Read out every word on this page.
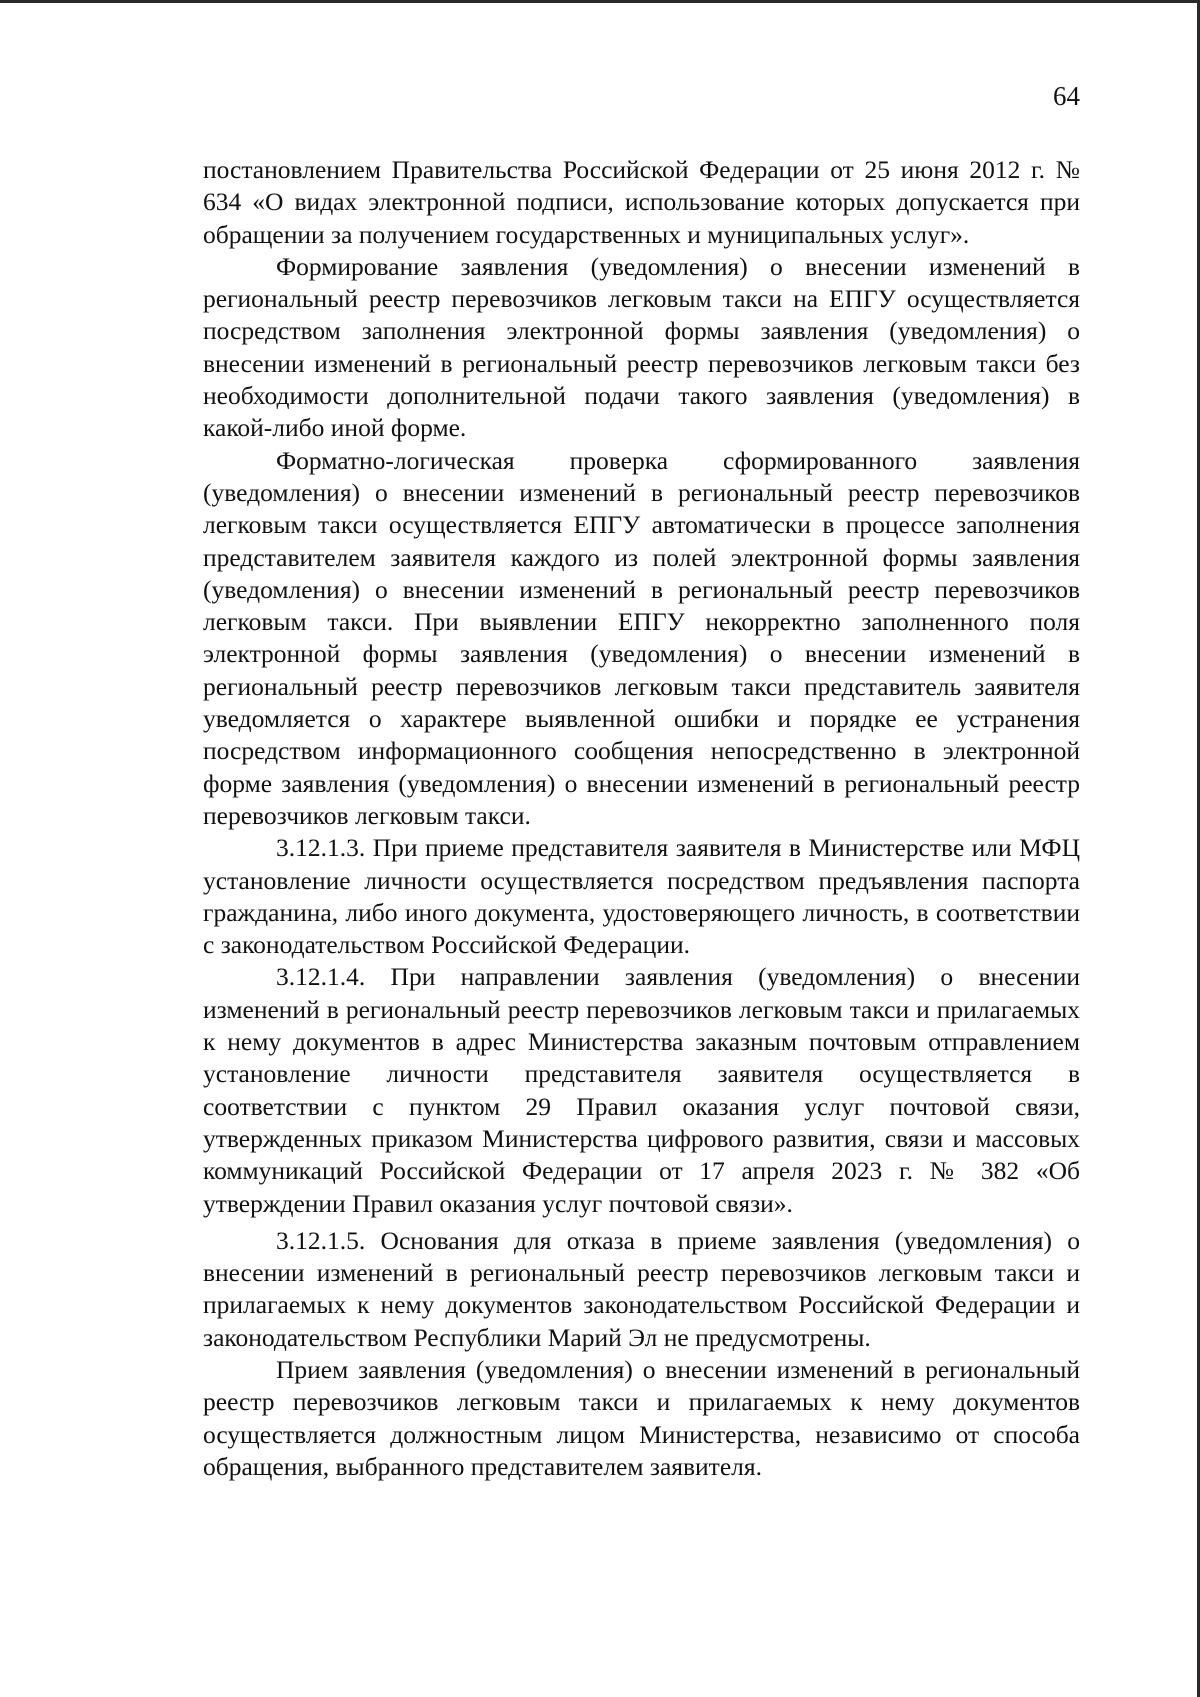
64

постановлением Правительства Российской Федерации от 25 июня 2012 г. № 634 «О видах электронной подписи, использование которых допускается при обращении за получением государственных и муниципальных услуг».

Формирование заявления (уведомления) о внесении изменений в региональный реестр перевозчиков легковым такси на ЕПГУ осуществляется посредством заполнения электронной формы заявления (уведомления) о внесении изменений в региональный реестр перевозчиков легковым такси без необходимости дополнительной подачи такого заявления (уведомления) в какой-либо иной форме.

Форматно-логическая проверка сформированного заявления (уведомления) о внесении изменений в региональный реестр перевозчиков легковым такси осуществляется ЕПГУ автоматически в процессе заполнения представителем заявителя каждого из полей электронной формы заявления (уведомления) о внесении изменений в региональный реестр перевозчиков легковым такси. При выявлении ЕПГУ некорректно заполненного поля электронной формы заявления (уведомления) о внесении изменений в региональный реестр перевозчиков легковым такси представитель заявителя уведомляется о характере выявленной ошибки и порядке ее устранения посредством информационного сообщения непосредственно в электронной форме заявления (уведомления) о внесении изменений в региональный реестр перевозчиков легковым такси.

3.12.1.3. При приеме представителя заявителя в Министерстве или МФЦ установление личности осуществляется посредством предъявления паспорта гражданина, либо иного документа, удостоверяющего личность, в соответствии с законодательством Российской Федерации.

3.12.1.4. При направлении заявления (уведомления) о внесении изменений в региональный реестр перевозчиков легковым такси и прилагаемых к нему документов в адрес Министерства заказным почтовым отправлением установление личности представителя заявителя осуществляется в соответствии с пунктом 29 Правил оказания услуг почтовой связи, утвержденных приказом Министерства цифрового развития, связи и массовых коммуникаций Российской Федерации от 17 апреля 2023 г. № 382 «Об утверждении Правил оказания услуг почтовой связи».

3.12.1.5. Основания для отказа в приеме заявления (уведомления) о внесении изменений в региональный реестр перевозчиков легковым такси и прилагаемых к нему документов законодательством Российской Федерации и законодательством Республики Марий Эл не предусмотрены.

Прием заявления (уведомления) о внесении изменений в региональный реестр перевозчиков легковым такси и прилагаемых к нему документов осуществляется должностным лицом Министерства, независимо от способа обращения, выбранного представителем заявителя.
